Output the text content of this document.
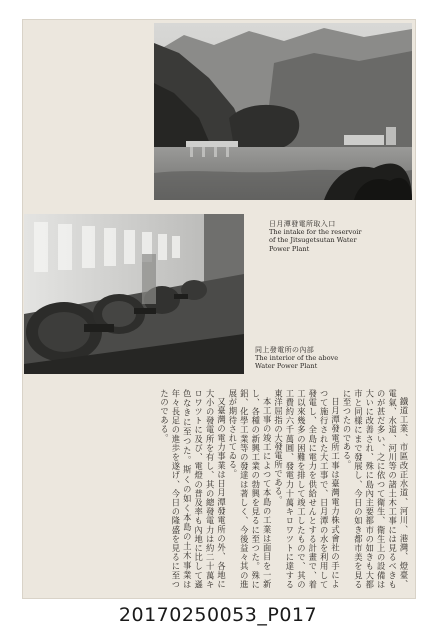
日月潭發電所取入口
The intake for the reservoir
of the Jitsugetsutan Water
Power Plant
同上發電所の內部
The interior of the above
Water Power Plant

鐵道工業、市區改正水道、河川、港灣、燈臺、電氣、水道、河川等の諸土木工事には見るべきものが甚だ多い、之に依つて衛生、衛生上の設備は大いに改善され、殊に島內主要都市の如きも大都市と同樣にまで發展し、今日の如き都市美を見るに至つたのである。

日月潭發電所工事は臺灣電力株式會社の手によつて施行された大工事で、日月潭の水を利用して發電し、全島に電力を供給せんとする計畫で、着工以來幾多の困難を排して竣工したもので、其の工費約六千萬圓、發電力十萬キロワツトに達する東洋屈指の大發電所である。

本工事の竣工によつて本島の工業は面目を一新し、各種の新興工業の勃興を見るに至つた。殊に鋁、化學工業等の發達は著しく、今後益々其の進展が期待されてゐる。

又臺灣の電力事業は日月潭發電所の外、各地に大小の發電所を有し、其の總發電力は約二十萬キロワツトに及び、電燈の普及率も內地に比して遜色なきに至つた。斯くの如く本島の土木事業は年々長足の進歩を遂げ、今日の隆盛を見るに至つたのである。

20170250053_P017
